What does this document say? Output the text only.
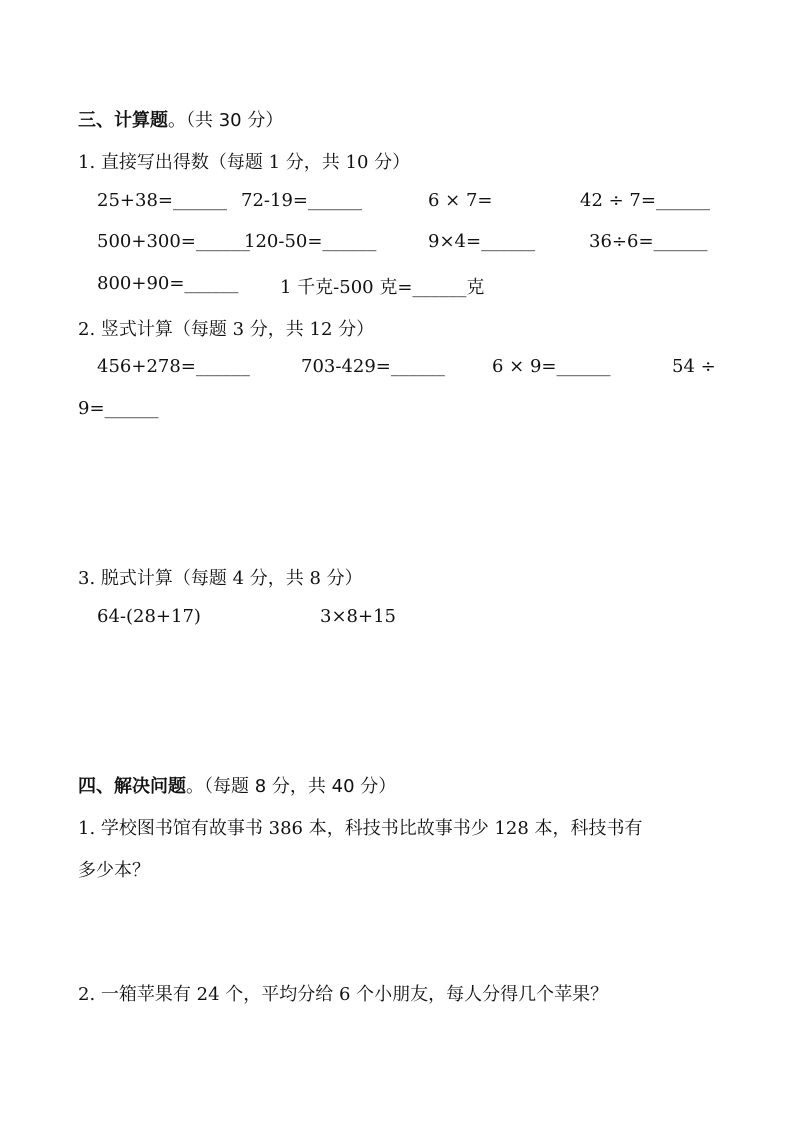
三、计算题。（共 30 分）
1. 直接写出得数（每题 1 分，共 10 分）
25+38=______ 72-19=______	6 × 7=	42 ÷ 7=______
500+300=______
120-50=______	9×4=______	36÷6=______
800+90=______ 1 千克-500 克=______克
2. 竖式计算（每题 3 分，共 12 分）
456+278=______	703-429=______	6 × 9=______	54 ÷
9=______
3. 脱式计算（每题 4 分，共 8 分）
64-(28+17)	3×8+15
四、解决问题。（每题 8 分，共 40 分）
1. 学校图书馆有故事书 386 本，科技书比故事书少 128 本，科技书有
多少本？
2. 一箱苹果有 24 个，平均分给 6 个小朋友，每人分得几个苹果？
